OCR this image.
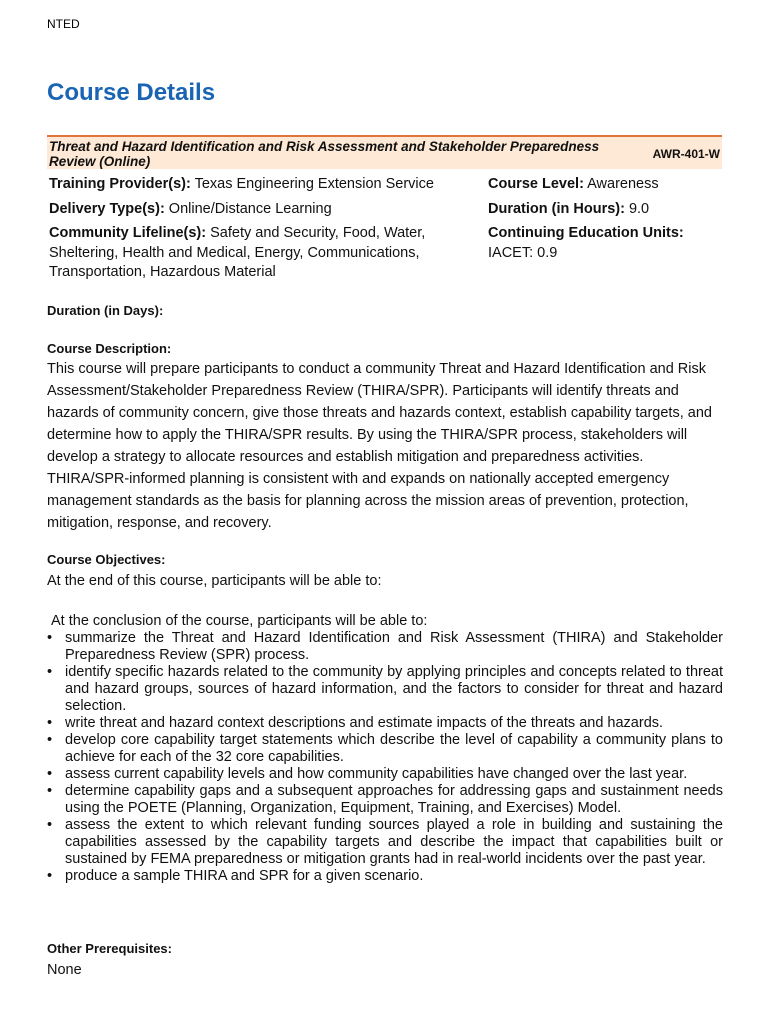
NTED
Course Details
Threat and Hazard Identification and Risk Assessment and Stakeholder Preparedness Review (Online)	AWR-401-W

Training Provider(s): Texas Engineering Extension Service

Delivery Type(s): Online/Distance Learning

Community Lifeline(s): Safety and Security, Food, Water, Sheltering, Health and Medical, Energy, Communications, Transportation, Hazardous Material

Course Level: Awareness

Duration (in Hours): 9.0

Continuing Education Units:
IACET: 0.9

Duration (in Days):

Course Description:

This course will prepare participants to conduct a community Threat and Hazard Identification and Risk Assessment/Stakeholder Preparedness Review (THIRA/SPR). Participants will identify threats and hazards of community concern, give those threats and hazards context, establish capability targets, and determine how to apply the THIRA/SPR results. By using the THIRA/SPR process, stakeholders will develop a strategy to allocate resources and establish mitigation and preparedness activities. THIRA/SPR-informed planning is consistent with and expands on nationally accepted emergency management standards as the basis for planning across the mission areas of prevention, protection, mitigation, response, and recovery.

Course Objectives:

At the end of this course, participants will be able to:

At the conclusion of the course, participants will be able to:

• summarize the Threat and Hazard Identification and Risk Assessment (THIRA) and Stakeholder Preparedness Review (SPR) process.
• identify specific hazards related to the community by applying principles and concepts related to threat and hazard groups, sources of hazard information, and the factors to consider for threat and hazard selection.
• write threat and hazard context descriptions and estimate impacts of the threats and hazards.
• develop core capability target statements which describe the level of capability a community plans to achieve for each of the 32 core capabilities.
• assess current capability levels and how community capabilities have changed over the last year.
• determine capability gaps and a subsequent approaches for addressing gaps and sustainment needs using the POETE (Planning, Organization, Equipment, Training, and Exercises) Model.
• assess the extent to which relevant funding sources played a role in building and sustaining the capabilities assessed by the capability targets and describe the impact that capabilities built or sustained by FEMA preparedness or mitigation grants had in real-world incidents over the past year.
• produce a sample THIRA and SPR for a given scenario.

Other Prerequisites:

None
